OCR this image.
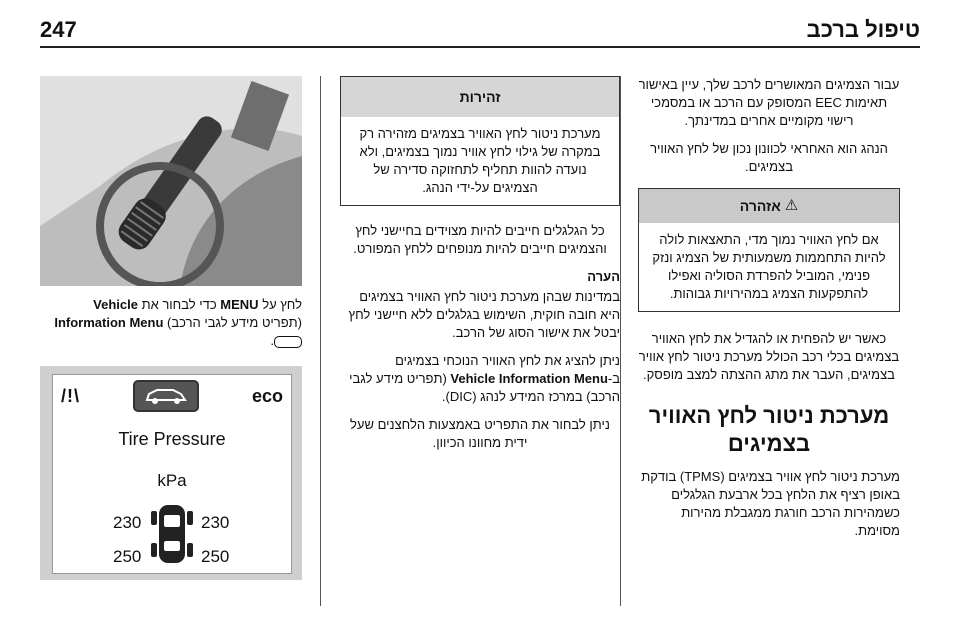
247	טיפול ברכב

עבור הצמיגים המאושרים לרכב שלך, עיין באישור תאימות EEC המסופק עם הרכב או במסמכי רישוי מקומיים אחרים במדינתך.

הנהג הוא האחראי לכוונון נכון של לחץ האוויר בצמיגים.

⚠
אזהרה
אם לחץ האוויר נמוך מדי, התאצאות לולה להיות התחממות משמעותית של הצמיג ונזק פנימי, המוביל להפרדת הסוליה ואפילו להתפקעות הצמיג במהירויות גבוהות.

כאשר יש להפחית או להגדיל את לחץ האוויר בצמיגים בכלי רכב הכולל מערכת ניטור לחץ אוויר בצמיגים, העבר את מתג ההצתה למצב מופסק.

מערכת ניטור לחץ האוויר בצמיגים

מערכת ניטור לחץ אוויר בצמיגים (TPMS) בודקת באופן רציף את הלחץ בכל ארבעת הגלגלים כשמהירות הרכב חורגת ממגבלת מהירות מסוימת.

זהירות
מערכת ניטור לחץ האוויר בצמיגים מזהירה רק במקרה של גילוי לחץ אוויר נמוך בצמיגים, ולא נועדה להוות תחליף לתחזוקה סדירה של הצמיגים על-ידי הנהג.

כל הגלגלים חייבים להיות מצוידים בחיישני לחץ והצמיגים חייבים להיות מנופחים ללחץ המפורט.

הערה

במדינות שבהן מערכת ניטור לחץ האוויר בצמיגים היא חובה חוקית, השימוש בגלגלים ללא חיישני לחץ יבטל את אישור הסוג של הרכב.

ניתן להציג את לחץ האוויר הנוכחי בצמיגים ב-Vehicle Information Menu (תפריט מידע לגבי הרכב) במרכז המידע לנהג (DIC).

ניתן לבחור את התפריט באמצעות הלחצנים שעל ידית מחוונו הכיוון.

לחץ על MENU כדי לבחור את Vehicle
(תפריט מידע לגבי הרכב) Information Menu
.
/!\	eco
Tire Pressure
kPa
230	230
250	250
